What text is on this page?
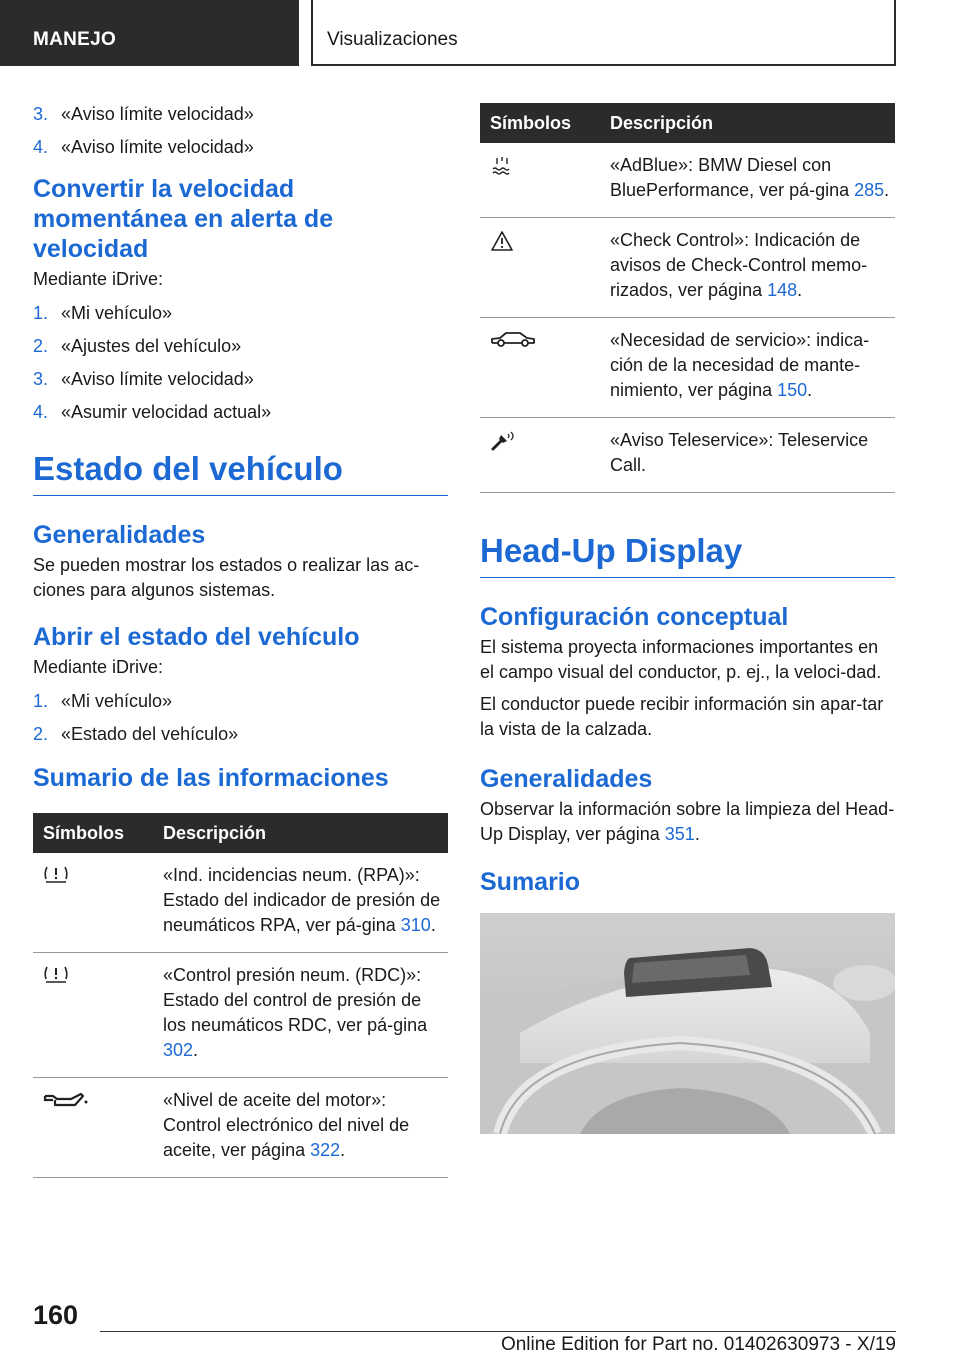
MANEJO	Visualizaciones
3. «Aviso límite velocidad»
4. «Aviso límite velocidad»
Convertir la velocidad momentánea en alerta de velocidad

Mediante iDrive:

1. «Mi vehículo»
2. «Ajustes del vehículo»
3. «Aviso límite velocidad»
4. «Asumir velocidad actual»
Estado del vehículo
Generalidades

Se pueden mostrar los estados o realizar las ac-ciones para algunos sistemas.

Abrir el estado del vehículo

Mediante iDrive:

1. «Mi vehículo»
2. «Estado del vehículo»
Sumario de las informaciones
Símbolos	Descripción

	«Ind. incidencias neum. (RPA)»: Estado del indicador de presión de neumáticos RPA, ver pá-gina 310.

	«Control presión neum. (RDC)»: Estado del control de presión de los neumáticos RDC, ver pá-gina 302.

	«Nivel de aceite del motor»: Control electrónico del nivel de aceite, ver página 322.
Símbolos	Descripción

	«AdBlue»: BMW Diesel con BluePerformance, ver pá-gina 285.

	«Check Control»: Indicación de avisos de Check-Control memo-rizados, ver página 148.

	«Necesidad de servicio»: indica-ción de la necesidad de mante-nimiento, ver página 150.

	«Aviso Teleservice»: Teleservice Call.
Head-Up Display
Configuración conceptual

El sistema proyecta informaciones importantes en el campo visual del conductor, p. ej., la veloci-dad.

El conductor puede recibir información sin apar-tar la vista de la calzada.

Generalidades

Observar la información sobre la limpieza del Head-Up Display, ver página 351.

Sumario
160
Online Edition for Part no. 01402630973 - X/19
